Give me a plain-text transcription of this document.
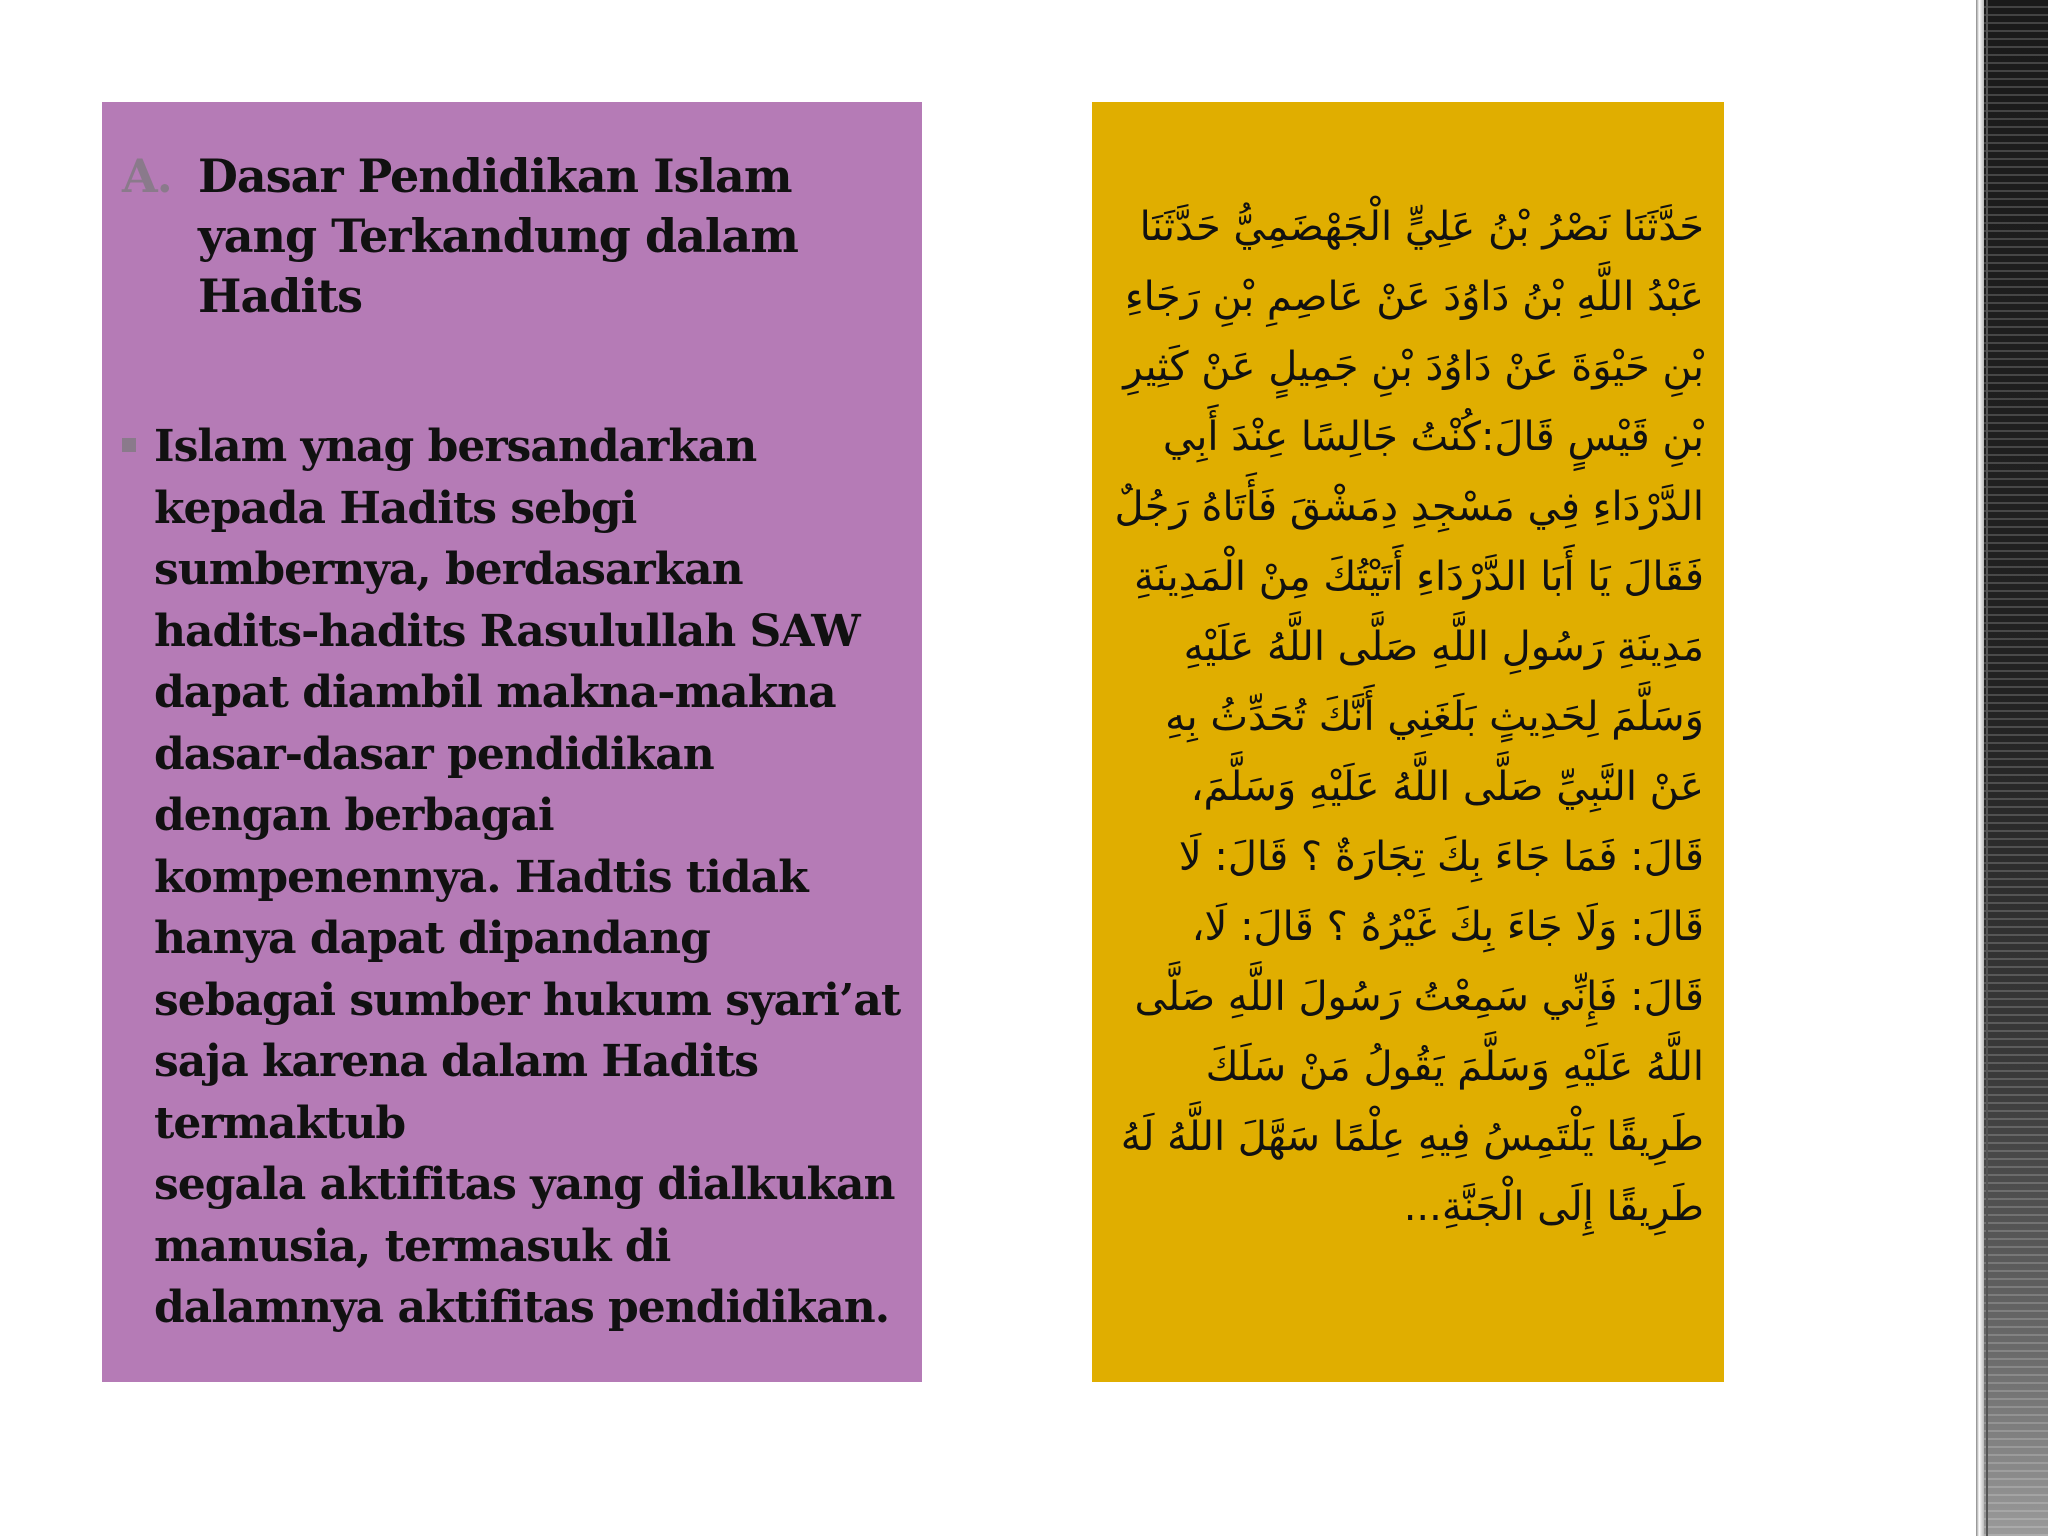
A. Dasar Pendidikan Islam yang Terkandung dalam Hadits
Islam ynag bersandarkan kepada Hadits sebgi sumbernya, berdasarkan hadits-hadits Rasulullah SAW dapat diambil makna-makna dasar-dasar pendidikan dengan berbagai kompenennya. Hadtis tidak hanya dapat dipandang sebagai sumber hukum syari’at saja karena dalam Hadits termaktub
segala aktifitas yang dialkukan manusia, termasuk di dalamnya aktifitas pendidikan.
حَدَّثَنَا نَصْرُ بْنُ عَلِيٍّ الْجَهْضَمِيُّ حَدَّثَنَا عَبْدُ اللَّهِ بْنُ دَاوُدَ عَنْ عَاصِمِ بْنِ رَجَاءِ بْنِ حَيْوَةَ عَنْ دَاوُدَ بْنِ جَمِيلٍ عَنْ كَثِيرِ بْنِ قَيْسٍ قَالَ:كُنْتُ جَالِسًا عِنْدَ أَبِي الدَّرْدَاءِ فِي مَسْجِدِ دِمَشْقَ فَأَتَاهُ رَجُلٌ فَقَالَ يَا أَبَا الدَّرْدَاءِ أَتَيْتُكَ مِنْ الْمَدِينَةِ مَدِينَةِ رَسُولِ اللَّهِ صَلَّى اللَّهُ عَلَيْهِ وَسَلَّمَ لِحَدِيثٍ بَلَغَنِي أَنَّكَ تُحَدِّثُ بِهِ عَنْ النَّبِيِّ صَلَّى اللَّهُ عَلَيْهِ وَسَلَّمَ، قَالَ: فَمَا جَاءَ بِكَ تِجَارَةٌ ؟ قَالَ: لَا قَالَ: وَلَا جَاءَ بِكَ غَيْرُهُ ؟ قَالَ: لَا، قَالَ: فَإِنِّي سَمِعْتُ رَسُولَ اللَّهِ صَلَّى اللَّهُ عَلَيْهِ وَسَلَّمَ يَقُولُ مَنْ سَلَكَ طَرِيقًا يَلْتَمِسُ فِيهِ عِلْمًا سَهَّلَ اللَّهُ لَهُ طَرِيقًا إِلَى الْجَنَّةِ...
